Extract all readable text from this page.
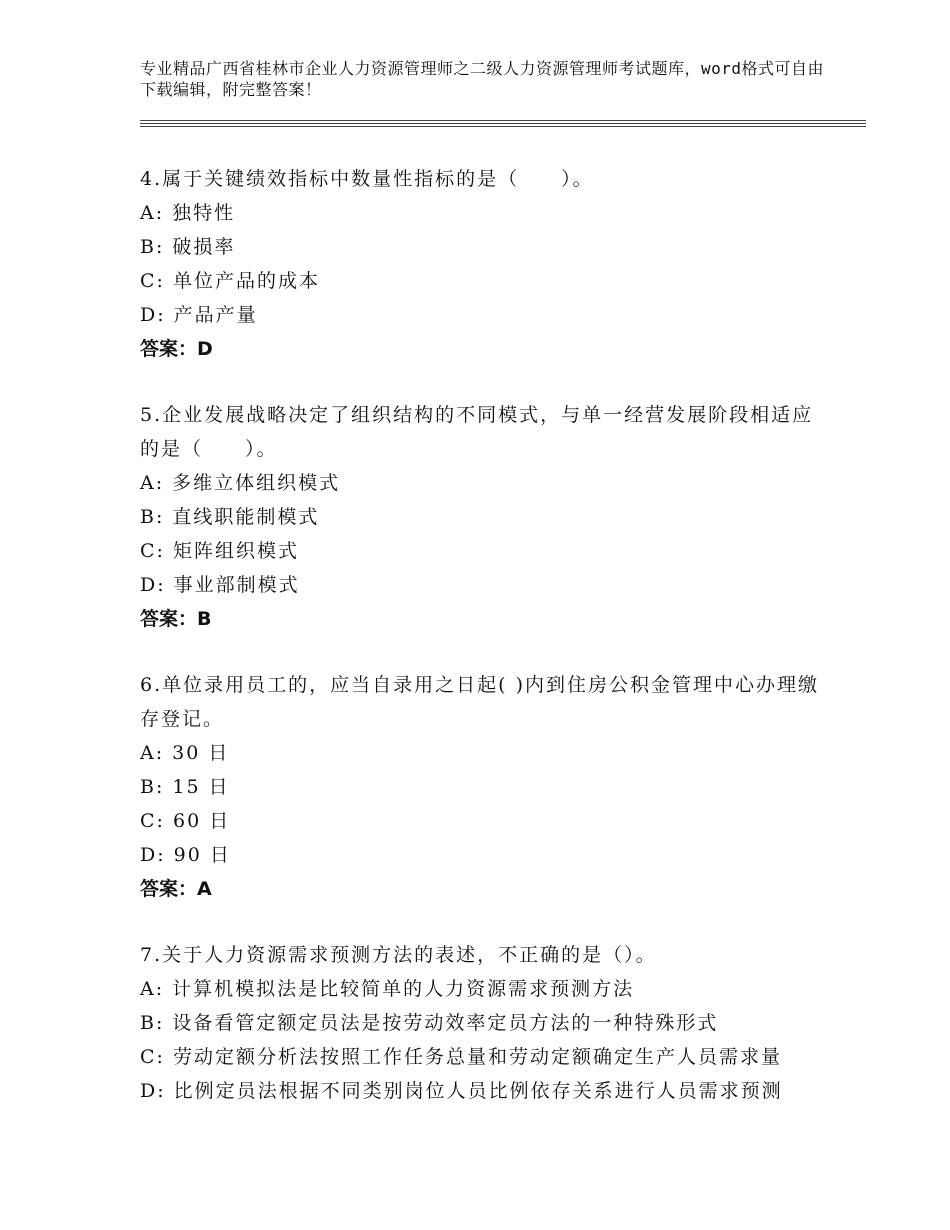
专业精品广西省桂林市企业人力资源管理师之二级人力资源管理师考试题库，word格式可自由下载编辑，附完整答案！

4.属于关键绩效指标中数量性指标的是（　　）。

A: 独特性

B: 破损率

C: 单位产品的成本

D: 产品产量

答案：D

5.企业发展战略决定了组织结构的不同模式，与单一经营发展阶段相适应的是（　　）。

A: 多维立体组织模式

B: 直线职能制模式

C: 矩阵组织模式

D: 事业部制模式

答案：B

6.单位录用员工的，应当自录用之日起( )内到住房公积金管理中心办理缴存登记。

A: 30 日

B: 15 日

C: 60 日

D: 90 日

答案：A

7.关于人力资源需求预测方法的表述，不正确的是（）。

A: 计算机模拟法是比较简单的人力资源需求预测方法

B: 设备看管定额定员法是按劳动效率定员方法的一种特殊形式

C: 劳动定额分析法按照工作任务总量和劳动定额确定生产人员需求量

D: 比例定员法根据不同类别岗位人员比例依存关系进行人员需求预测
